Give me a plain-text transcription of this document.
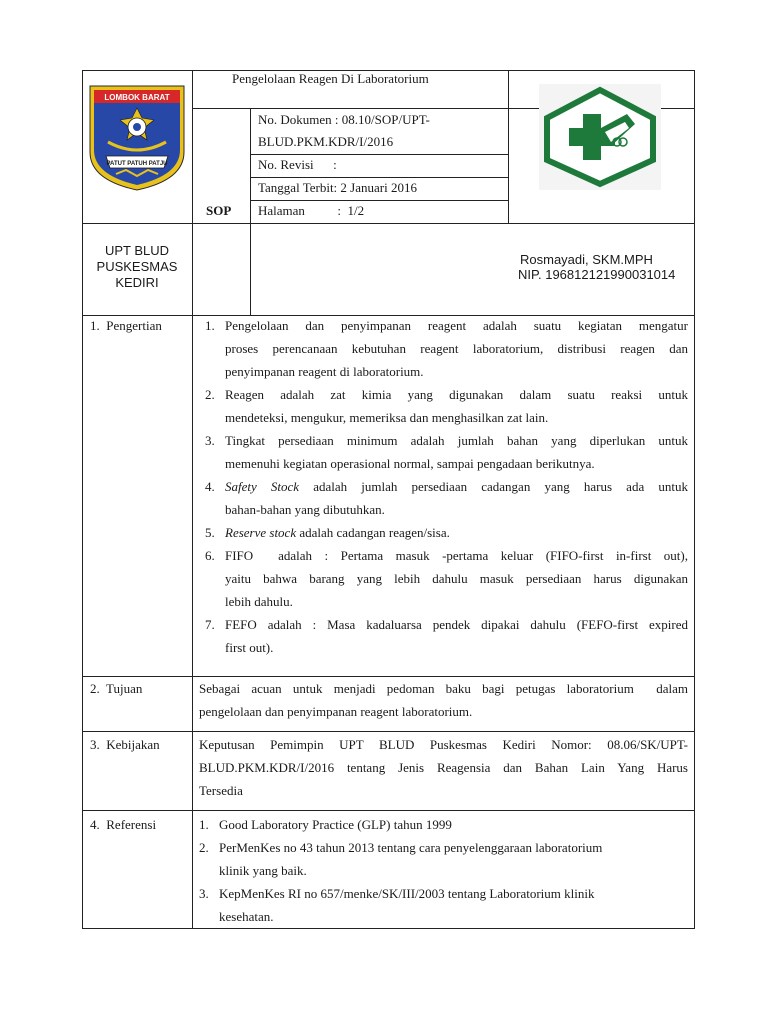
LOMBOK BARAT
PATUT PATUH PATJU
Pengelolaan Reagen Di Laboratorium
No. Dokumen : 08.10/SOP/UPT-
BLUD.PKM.KDR/I/2016
No. Revisi      :
Tanggal Terbit: 2 Januari 2016
Halaman          :  1/2
SOP
UPT BLUD
PUSKESMAS
KEDIRI
Rosmayadi, SKM.MPH
NIP. 196812121990031014
1.  Pengertian	1. Pengelolaan dan penyimpanan reagent adalah suatu kegiatan mengatur
proses perencanaan kebutuhan reagent laboratorium, distribusi reagen dan
penyimpanan reagent di laboratorium.
2. Reagen adalah zat kimia yang digunakan dalam suatu reaksi untuk
mendeteksi, mengukur, memeriksa dan menghasilkan zat lain.
3. Tingkat persediaan minimum adalah jumlah bahan yang diperlukan untuk
memenuhi kegiatan operasional normal, sampai pengadaan berikutnya.
4. Safety Stock adalah jumlah persediaan cadangan yang harus ada untuk
bahan-bahan yang dibutuhkan.
5. Reserve stock adalah cadangan reagen/sisa.
6. FIFO  adalah : Pertama masuk -pertama keluar (FIFO-first in-first out),
yaitu bahwa barang yang lebih dahulu masuk persediaan harus digunakan
lebih dahulu.
7. FEFO adalah : Masa kadaluarsa pendek dipakai dahulu (FEFO-first expired
first out).
2.  Tujuan	Sebagai acuan untuk menjadi pedoman baku bagi petugas laboratorium  dalam
pengelolaan dan penyimpanan reagent laboratorium.
3.  Kebijakan	Keputusan Pemimpin UPT BLUD Puskesmas Kediri Nomor: 08.06/SK/UPT-
BLUD.PKM.KDR/I/2016 tentang Jenis Reagensia dan Bahan Lain Yang Harus
Tersedia
4.  Referensi	1. Good Laboratory Practice (GLP) tahun 1999
2. PerMenKes no 43 tahun 2013 tentang cara penyelenggaraan laboratorium
klinik yang baik.
3. KepMenKes RI no 657/menke/SK/III/2003 tentang Laboratorium klinik
kesehatan.
